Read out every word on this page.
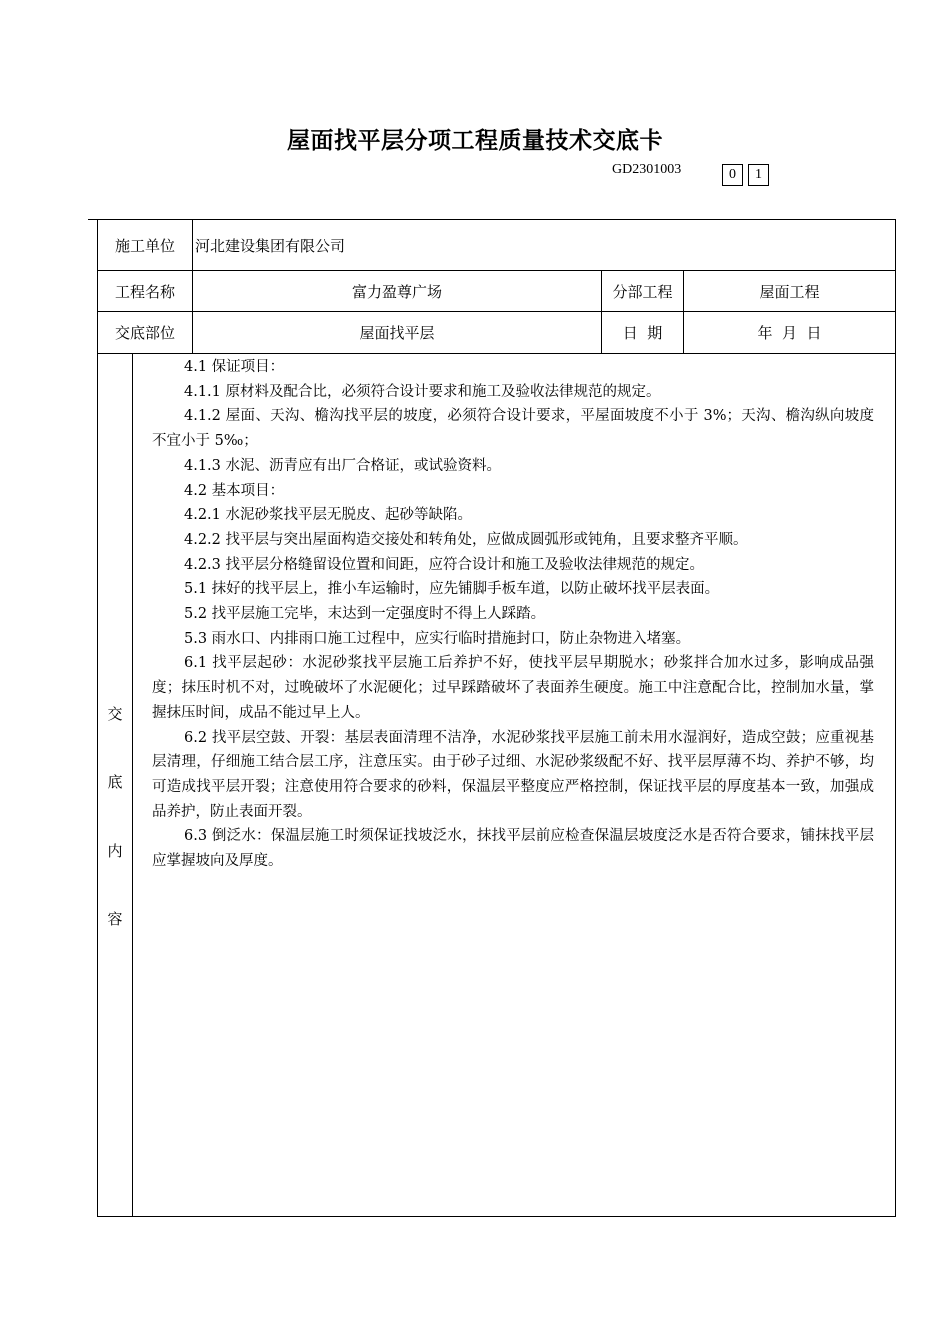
屋面找平层分项工程质量技术交底卡
GD2301003	0	1
施工单位	河北建设集团有限公司
工程名称	富力盈尊广场	分部工程	屋面工程
交底部位	屋面找平层	日  期	年  月  日
交
底
内
容

4.1 保证项目：

4.1.1 原材料及配合比，必须符合设计要求和施工及验收法律规范的规定。

4.1.2 屋面、天沟、檐沟找平层的坡度，必须符合设计要求，平屋面坡度不小于 3%；天沟、檐沟纵向坡度不宜小于 5‰；

4.1.3 水泥、沥青应有出厂合格证，或试验资料。

4.2 基本项目：

4.2.1 水泥砂浆找平层无脱皮、起砂等缺陷。

4.2.2 找平层与突出屋面构造交接处和转角处，应做成圆弧形或钝角，且要求整齐平顺。

4.2.3 找平层分格缝留设位置和间距，应符合设计和施工及验收法律规范的规定。

5.1 抹好的找平层上，推小车运输时，应先铺脚手板车道，以防止破坏找平层表面。

5.2 找平层施工完毕，末达到一定强度时不得上人踩踏。

5.3 雨水口、内排雨口施工过程中，应实行临时措施封口，防止杂物进入堵塞。

6.1 找平层起砂：水泥砂浆找平层施工后养护不好，使找平层早期脱水；砂浆拌合加水过多，影响成品强度；抹压时机不对，过晚破坏了水泥硬化；过早踩踏破坏了表面养生硬度。施工中注意配合比，控制加水量，掌握抹压时间，成品不能过早上人。

6.2 找平层空鼓、开裂：基层表面清理不洁净，水泥砂浆找平层施工前未用水湿润好，造成空鼓；应重视基层清理，仔细施工结合层工序，注意压实。由于砂子过细、水泥砂浆级配不好、找平层厚薄不均、养护不够，均可造成找平层开裂；注意使用符合要求的砂料，保温层平整度应严格控制，保证找平层的厚度基本一致，加强成品养护，防止表面开裂。

6.3 倒泛水：保温层施工时须保证找坡泛水，抹找平层前应检查保温层坡度泛水是否符合要求，铺抹找平层应掌握坡向及厚度。
